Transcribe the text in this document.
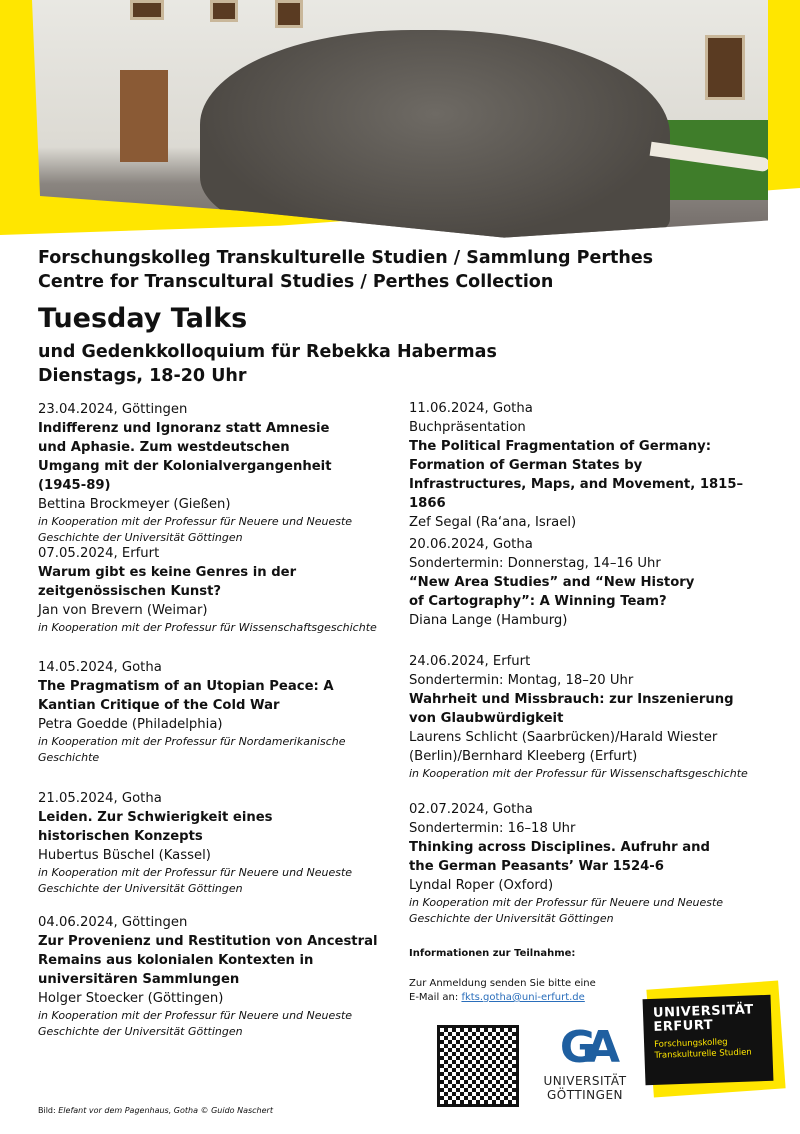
Forschungskolleg Transkulturelle Studien / Sammlung Perthes
Centre for Transcultural Studies / Perthes Collection
Tuesday Talks
und Gedenkkolloquium für Rebekka Habermas
Dienstags, 18-20 Uhr
23.04.2024, Göttingen
Indifferenz und Ignoranz statt Amnesie und Aphasie. Zum westdeutschen Umgang mit der Kolonialvergangenheit (1945-89)
Bettina Brockmeyer (Gießen)
in Kooperation mit der Professur für Neuere und Neueste Geschichte der Universität Göttingen
07.05.2024, Erfurt
Warum gibt es keine Genres in der zeitgenössischen Kunst?
Jan von Brevern (Weimar)
in Kooperation mit der Professur für Wissenschaftsgeschichte
14.05.2024, Gotha
The Pragmatism of an Utopian Peace: A Kantian Critique of the Cold War
Petra Goedde (Philadelphia)
in Kooperation mit der Professur für Nordamerikanische Geschichte
21.05.2024, Gotha
Leiden. Zur Schwierigkeit eines historischen Konzepts
Hubertus Büschel (Kassel)
in Kooperation mit der Professur für Neuere und Neueste Geschichte der Universität Göttingen
04.06.2024, Göttingen
Zur Provenienz und Restitution von Ancestral Remains aus kolonialen Kontexten in universitären Sammlungen
Holger Stoecker (Göttingen)
in Kooperation mit der Professur für Neuere und Neueste Geschichte der Universität Göttingen
11.06.2024, Gotha
Buchpräsentation
The Political Fragmentation of Germany: Formation of German States by Infrastructures, Maps, and Movement, 1815–1866
Zef Segal (Ra‘ana, Israel)
20.06.2024, Gotha
Sondertermin: Donnerstag, 14–16 Uhr
“New Area Studies” and “New History of Cartography”: A Winning Team?
Diana Lange (Hamburg)
24.06.2024, Erfurt
Sondertermin: Montag, 18–20 Uhr
Wahrheit und Missbrauch: zur Inszenierung von Glaubwürdigkeit
Laurens Schlicht (Saarbrücken)/Harald Wiester (Berlin)/Bernhard Kleeberg (Erfurt)
in Kooperation mit der Professur für Wissenschaftsgeschichte
02.07.2024, Gotha
Sondertermin: 16–18 Uhr
Thinking across Disciplines. Aufruhr and the German Peasants’ War 1524-6
Lyndal Roper (Oxford)
in Kooperation mit der Professur für Neuere und Neueste Geschichte der Universität Göttingen
Informationen zur Teilnahme:
Zur Anmeldung senden Sie bitte eine
E-Mail an: fkts.gotha@uni-erfurt.de
GA
UNIVERSITÄT
GÖTTINGEN
UNIVERSITÄT
ERFURT
Forschungskolleg
Transkulturelle Studien
Bild: Elefant vor dem Pagenhaus, Gotha © Guido Naschert
